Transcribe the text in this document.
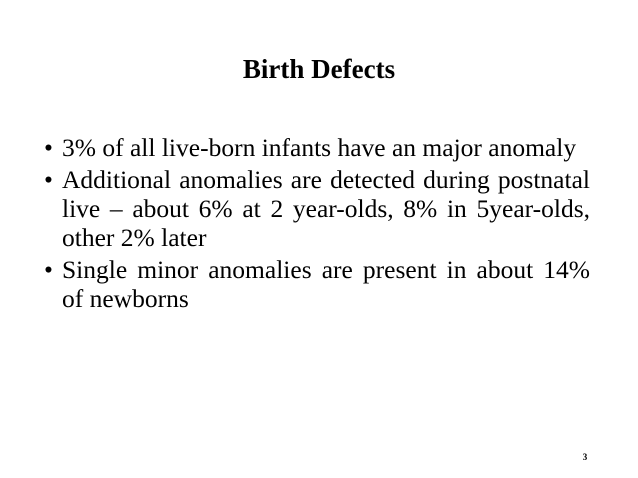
Birth Defects
• 3% of all live-born infants have an major anomaly
• Additional anomalies are detected during postnatal live – about 6% at 2 year-olds, 8% in 5year-olds, other 2% later
• Single minor anomalies are present in about 14% of newborns
3
